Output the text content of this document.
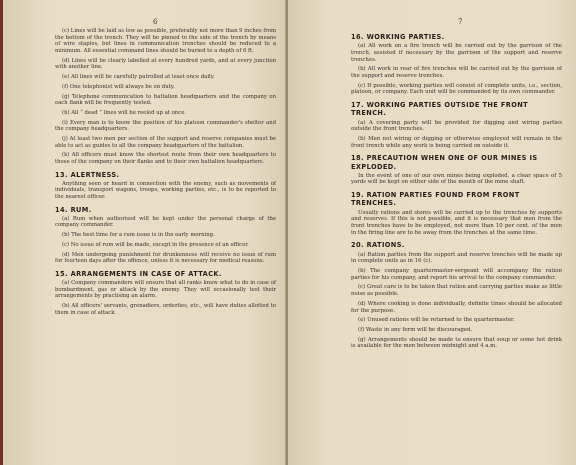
6

(c) Lines will be laid as low as possible, preferably not more than 9 inches from the bottom of the trench. They will be pinned to the side of the trench by means of wire staples, but lines in communication trenches should be reduced to a minimum. All essential command lines should be buried to a depth of 6 ft.

(d) Lines will be clearly labelled at every hundred yards, and at every junction with another line.

(e) All lines will be carefully patrolled at least once daily.

(f) One telephonist will always be on duty.

(g) Telephone communication to battalion headquarters and the company on each flank will be frequently tested.

(h) All “ dead ” lines will be reeled up at once.

(i) Every man is to know the position of his platoon commander's shelter and the company headquarters.

(j) At least two men per section of the support and reserve companies must be able to act as guides to all the company headquarters of the battalion.

(k) All officers must know the shortest route from their own headquarters to those of the company on their flanks and to their own battalion headquarters.

13. ALERTNESS.

Anything seen or heard in connection with the enemy, such as movements of individuals, transport wagons, troops, working parties, etc., is to be reported to the nearest officer.

14. RUM.

(a) Rum when authorised will be kept under the personal charge of the company commander.

(b) The best time for a rum issue is in the early morning.

(c) No issue of rum will be made, except in the presence of an officer.

(d) Men undergoing punishment for drunkenness will receive no issue of rum for fourteen days after the offence, unless it is necessary for medical reasons.

15. ARRANGEMENTS IN CASE OF ATTACK.

(a) Company commanders will ensure that all ranks know what to do in case of bombardment, gas or attack by the enemy. They will occasionally test their arrangements by practising an alarm.

(b) All officers' servants, grenadiers, orderlies, etc., will have duties allotted to them in case of attack.

7
16. WORKING PARTIES.

(a) All work on a fire trench will be carried out by the garrison of the trench, assisted if necessary by the garrison of the support and reserve trenches.

(b) All work in rear of fire trenches will be carried out by the garrison of the support and reserve trenches.

(c) If possible, working parties will consist of complete units, i.e., section, platoon, or company. Each unit will be commanded by its own commander.

17. WORKING PARTIES OUTSIDE THE FRONT TRENCH.

(a) A covering party will be provided for digging and wiring parties outside the front trenches.

(b) Men not wiring or digging or otherwise employed will remain in the front trench while any work is being carried on outside it.

18. PRECAUTION WHEN ONE OF OUR MINES IS EXPLODED.

In the event of one of our own mines being exploded, a clear space of 5 yards will be kept on either side of the mouth of the mine shaft.

19. RATION PARTIES FOUND FROM FRONT TRENCHES.

Usually rations and stores will be carried up to the trenches by supports and reserves. If this is not possible, and it is necessary that men from the front trenches have to be employed, not more than 10 per cent. of the men in the firing line are to be away from the trenches at the same time.

20. RATIONS.

(a) Ration parties from the support and reserve trenches will be made up in complete units as in 16 (c).

(b) The company quartermaster-sergeant will accompany the ration parties for his company, and report his arrival to the company commander.

(c) Great care is to be taken that ration and carrying parties make as little noise as possible.

(d) Where cooking is done individually, definite times should be allocated for the purpose.

(e) Unused rations will be returned to the quartermaster.

(f) Waste in any form will be discouraged.

(g) Arrangements should be made to ensure that soup or some hot drink is available for the men between midnight and 4 a.m.
